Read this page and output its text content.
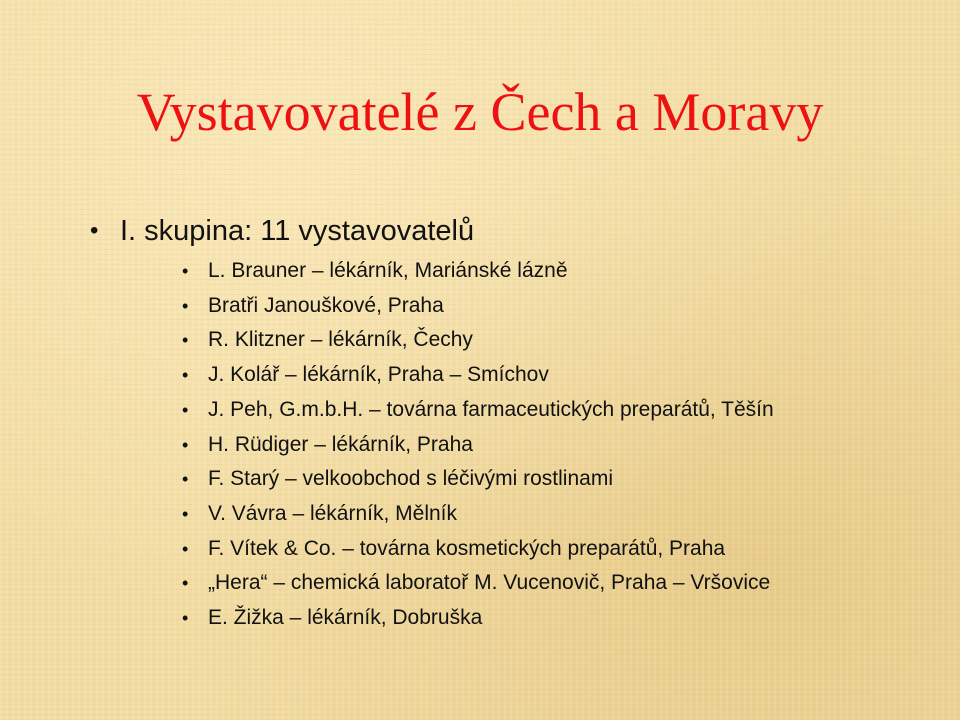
Vystavovatelé z Čech a Moravy
• I. skupina: 11 vystavovatelů
• L. Brauner – lékárník, Mariánské lázně
• Bratři Janouškové, Praha
• R. Klitzner – lékárník, Čechy
• J. Kolář – lékárník, Praha – Smíchov
• J. Peh, G.m.b.H. – továrna farmaceutických preparátů, Těšín
• H. Rüdiger – lékárník, Praha
• F. Starý – velkoobchod s léčivými rostlinami
• V. Vávra – lékárník, Mělník
• F. Vítek & Co. – továrna kosmetických preparátů, Praha
• „Hera“ – chemická laboratoř M. Vucenovič, Praha – Vršovice
• E. Žižka – lékárník, Dobruška
